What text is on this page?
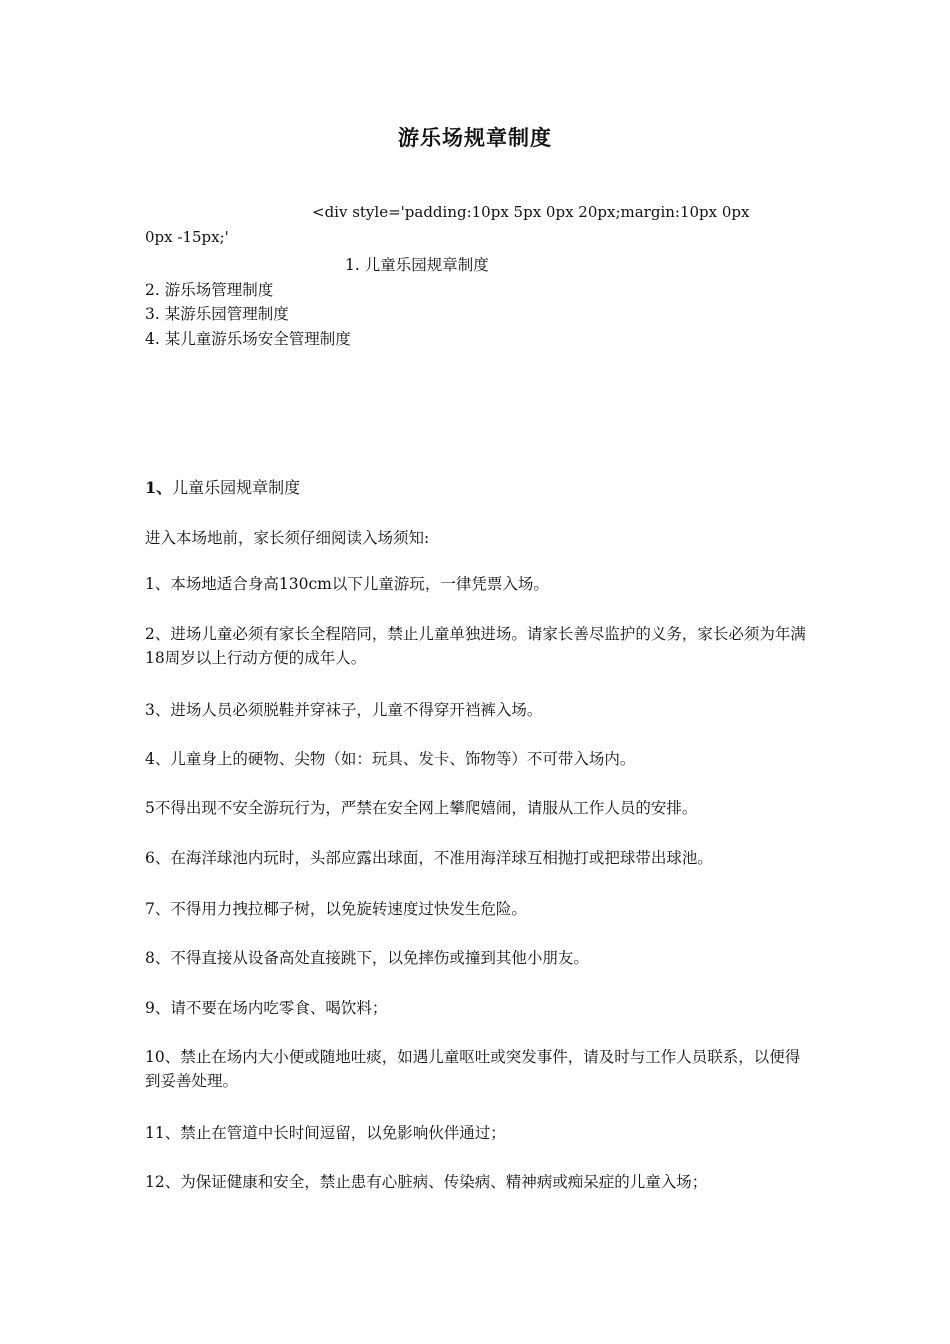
游乐场规章制度
<div style='padding:10px 5px 0px 20px;margin:10px 0px
0px -15px;'
1. 儿童乐园规章制度
2. 游乐场管理制度
3. 某游乐园管理制度
4. 某儿童游乐场安全管理制度
1、儿童乐园规章制度
进入本场地前，家长须仔细阅读入场须知:
1、本场地适合身高130cm以下儿童游玩，一律凭票入场。
2、进场儿童必须有家长全程陪同，禁止儿童单独进场。请家长善尽监护的义务，家长必须为年满18周岁以上行动方便的成年人。
3、进场人员必须脱鞋并穿袜子，儿童不得穿开裆裤入场。
4、儿童身上的硬物、尖物（如：玩具、发卡、饰物等）不可带入场内。
5不得出现不安全游玩行为，严禁在安全网上攀爬嬉闹，请服从工作人员的安排。
6、在海洋球池内玩时，头部应露出球面，不准用海洋球互相抛打或把球带出球池。
7、不得用力拽拉椰子树，以免旋转速度过快发生危险。
8、不得直接从设备高处直接跳下，以免摔伤或撞到其他小朋友。
9、请不要在场内吃零食、喝饮料；
10、禁止在场内大小便或随地吐痰，如遇儿童呕吐或突发事件，请及时与工作人员联系，以便得到妥善处理。
11、禁止在管道中长时间逗留，以免影响伙伴通过；
12、为保证健康和安全，禁止患有心脏病、传染病、精神病或痴呆症的儿童入场；
